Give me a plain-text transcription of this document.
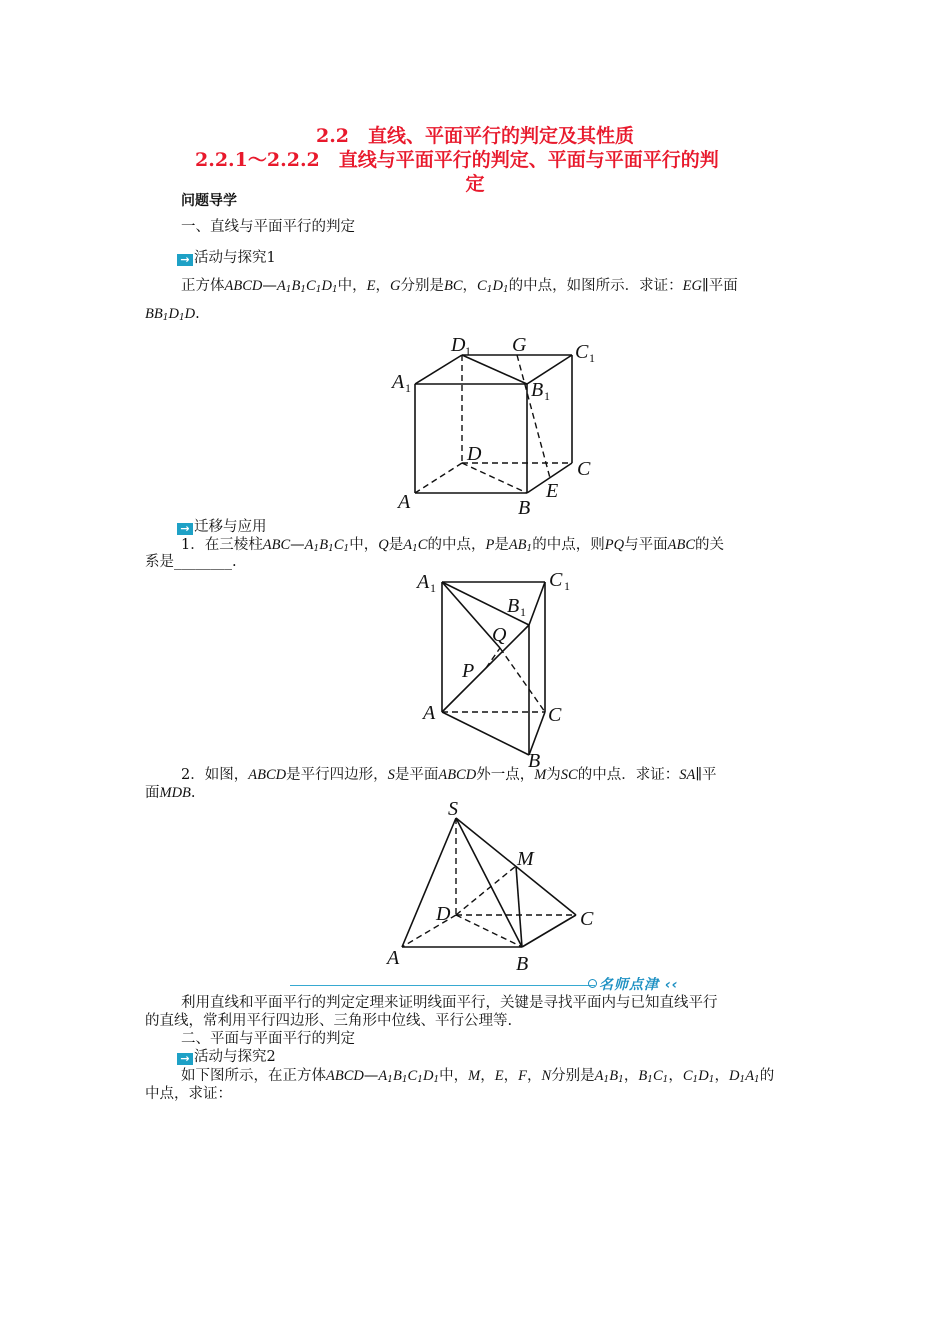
2.2　直线、平面平行的判定及其性质
2.2.1～2.2.2　直线与平面平行的判定、平面与平面平行的判
定
问题导学
一、直线与平面平行的判定
→ 活动与探究1
正方体$ABCD—A_1B_1C_1D_1$中，E，G分别是BC，$C_1D_1$的中点，如图所示．求证：EG∥平面
$BB_1D_1D$.
D 1 G C 1
A 1	B 1
D
C
A	E
B
→ 迁移与应用
1．在三棱柱$ABC—A_1B_1C_1$中，Q是$A_1C$的中点，P是$AB_1$的中点，则PQ与平面ABC的关
系是________.
A 1	C 1
B 1
Q
P
A	C
B
2．如图，ABCD是平行四边形，S是平面ABCD外一点，M为SC的中点．求证：SA∥平
面MDB.
S
M
D	C
A	B
名师点津 ‹‹
利用直线和平面平行的判定定理来证明线面平行，关键是寻找平面内与已知直线平行
的直线，常利用平行四边形、三角形中位线、平行公理等.
二、平面与平面平行的判定
→ 活动与探究2
如下图所示，在正方体$ABCD—A_1B_1C_1D_1$中，M，E，F，N分别是$A_1B_1$，$B_1C_1$，$C_1D_1$，$D_1A_1$的
中点，求证：
